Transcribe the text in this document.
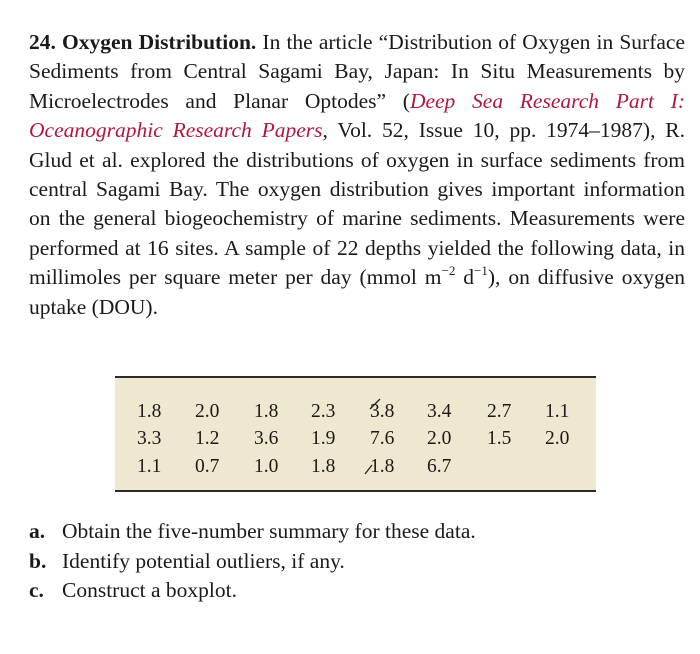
24. Oxygen Distribution. In the article “Distribution of Oxygen in Surface Sediments from Central Sagami Bay, Japan: In Situ Measurements by Microelectrodes and Planar Optodes” (Deep Sea Research Part I: Oceanographic Research Papers, Vol. 52, Issue 10, pp. 1974–1987), R. Glud et al. explored the distributions of oxygen in surface sediments from central Sagami Bay. The oxygen distribution gives important information on the general biogeochemistry of marine sediments. Measurements were performed at 16 sites. A sample of 22 depths yielded the following data, in millimoles per square meter per day (mmol $m^{-2}$ $d^{-1}$), on diffusive oxygen uptake (DOU).
1.8	2.0	1.8	2.3	3.8	3.4	2.7	1.1
3.3	1.2	3.6	1.9	7.6	2.0	1.5	2.0
1.1	0.7	1.0	1.8	1.8	6.7		
a. Obtain the five-number summary for these data.
b. Identify potential outliers, if any.
c. Construct a boxplot.
